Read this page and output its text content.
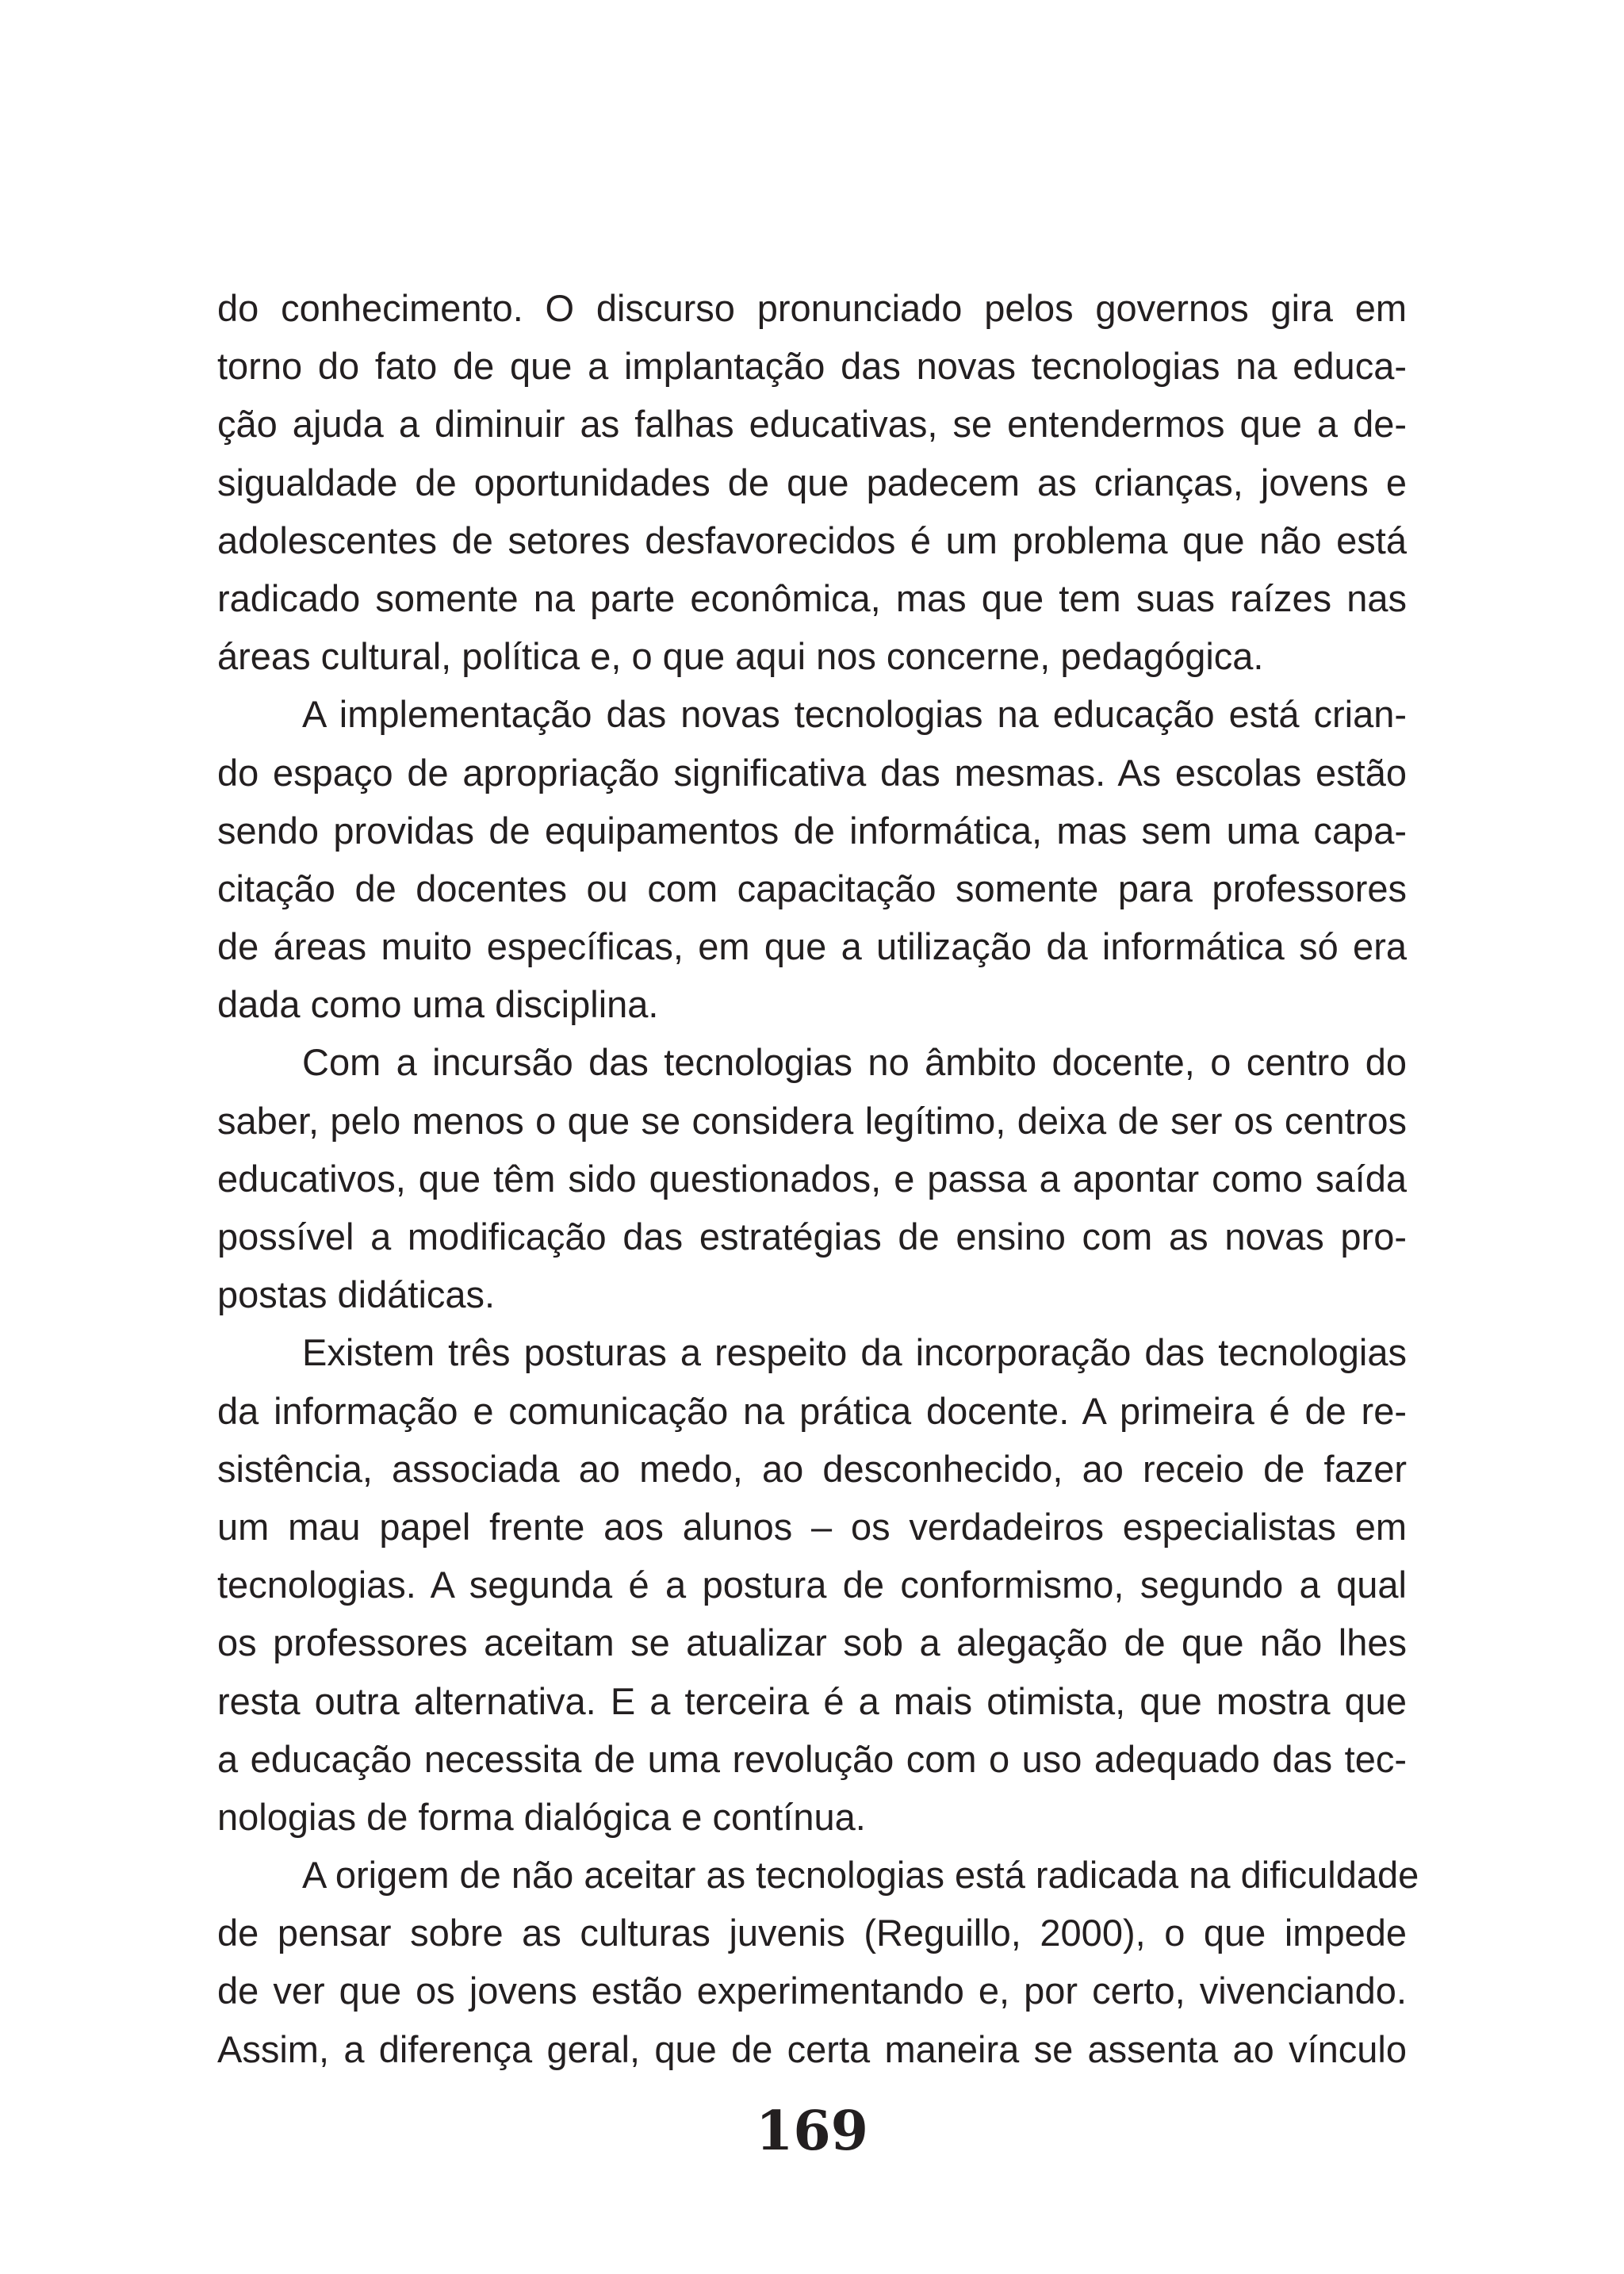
do conhecimento. O discurso pronunciado pelos governos gira em
torno do fato de que a implantação das novas tecnologias na educa-
ção ajuda a diminuir as falhas educativas, se entendermos que a de-
sigualdade de oportunidades de que padecem as crianças, jovens e
adolescentes de setores desfavorecidos é um problema que não está
radicado somente na parte econômica, mas que tem suas raízes nas
áreas cultural, política e, o que aqui nos concerne, pedagógica.
A implementação das novas tecnologias na educação está crian-
do espaço de apropriação significativa das mesmas. As escolas estão
sendo providas de equipamentos de informática, mas sem uma capa-
citação de docentes ou com capacitação somente para professores
de áreas muito específicas, em que a utilização da informática só era
dada como uma disciplina.
Com a incursão das tecnologias no âmbito docente, o centro do
saber, pelo menos o que se considera legítimo, deixa de ser os centros
educativos, que têm sido questionados, e passa a apontar como saída
possível a modificação das estratégias de ensino com as novas pro-
postas didáticas.
Existem três posturas a respeito da incorporação das tecnologias
da informação e comunicação na prática docente. A primeira é de re-
sistência, associada ao medo, ao desconhecido, ao receio de fazer
um mau papel frente aos alunos – os verdadeiros especialistas em
tecnologias. A segunda é a postura de conformismo, segundo a qual
os professores aceitam se atualizar sob a alegação de que não lhes
resta outra alternativa. E a terceira é a mais otimista, que mostra que
a educação necessita de uma revolução com o uso adequado das tec-
nologias de forma dialógica e contínua.
A origem de não aceitar as tecnologias está radicada na dificuldade
de pensar sobre as culturas juvenis (Reguillo, 2000), o que impede
de ver que os jovens estão experimentando e, por certo, vivenciando.
Assim, a diferença geral, que de certa maneira se assenta ao vínculo
169
